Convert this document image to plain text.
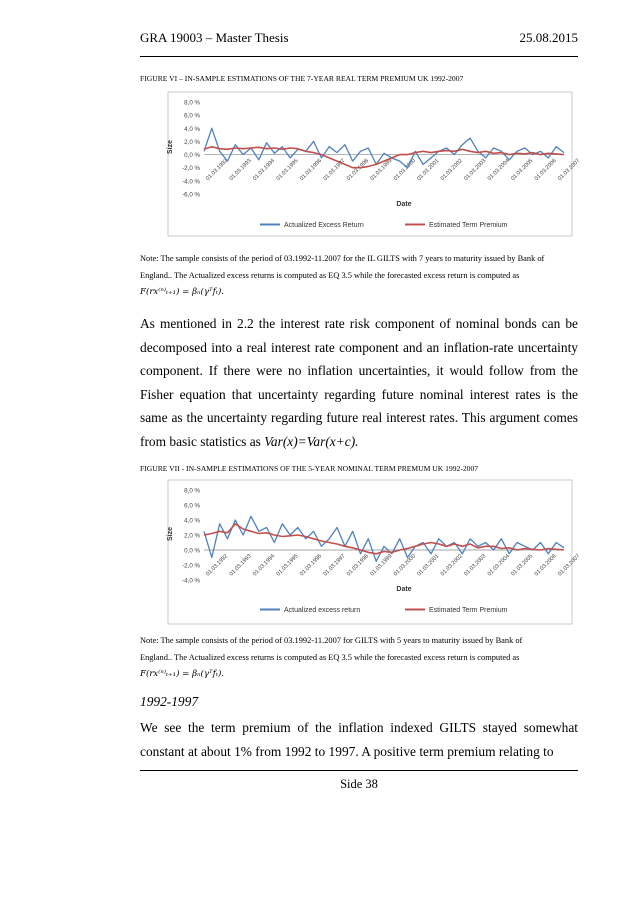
GRA 19003 – Master Thesis	25.08.2015
FIGURE VI – IN-SAMPLE ESTIMATIONS OF THE 7-YEAR REAL TERM PREMIUM UK 1992-2007
8,0 %
6,0 %
4,0 %
2,0 %
0,0 %
-2,0 %
-4,0 %
-6,0 %
Size
01.03.1992 01.03.1993 01.03.1994 01.03.1995 01.03.1996 01.03.1997 01.03.1998 01.03.1999 01.03.2000 01.03.2001 01.03.2002 01.03.2003 01.03.2004 01.03.2005 01.03.2006 01.03.2007
Date
Actualized Excess Return	Estimated Term Premium
Note: The sample consists of the period of 03.1992-11.2007 for the IL GILTS with 7 years to maturity issued by Bank of
England.. The Actualized excess returns is computed as EQ 3.5 while the forecasted excess return is computed as
F(rx⁽ⁿ⁾ₜ₊₁) = βₙ(γᵀfₜ).
As mentioned in 2.2 the interest rate risk component of nominal bonds can be decomposed into a real interest rate component and an inflation-rate uncertainty component. If there were no inflation uncertainties, it would follow from the Fisher equation that uncertainty regarding future nominal interest rates is the same as the uncertainty regarding future real interest rates. This argument comes from basic statistics as Var(x)=Var(x+c).
FIGURE VII - IN-SAMPLE ESTIMATIONS OF THE 5-YEAR NOMINAL TERM PREMUM UK 1992-2007
8,0 %
6,0 %
4,0 %
2,0 %
0,0 %
-2,0 %
-4,0 %
Size
01.03.1992 01.03.1993 01.03.1994 01.03.1995 01.03.1996 01.03.1997 01.03.1998 01.03.1999 01.03.2000 01.03.2001 01.03.2002 01.03.2003 01.03.2004 01.03.2005 01.03.2006 01.03.2007
Date
Actualized excess return	Estimated Term Premium
Note: The sample consists of the period of 03.1992-11.2007 for GILTS with 5 years to maturity issued by Bank of
England.. The Actualized excess returns is computed as EQ 3.5 while the forecasted excess return is computed as
F(rx⁽ⁿ⁾ₜ₊₁) = βₙ(γᵀfₜ).
1992-1997
We see the term premium of the inflation indexed GILTS stayed somewhat constant at about 1% from 1992 to 1997. A positive term premium relating to
Side 38
